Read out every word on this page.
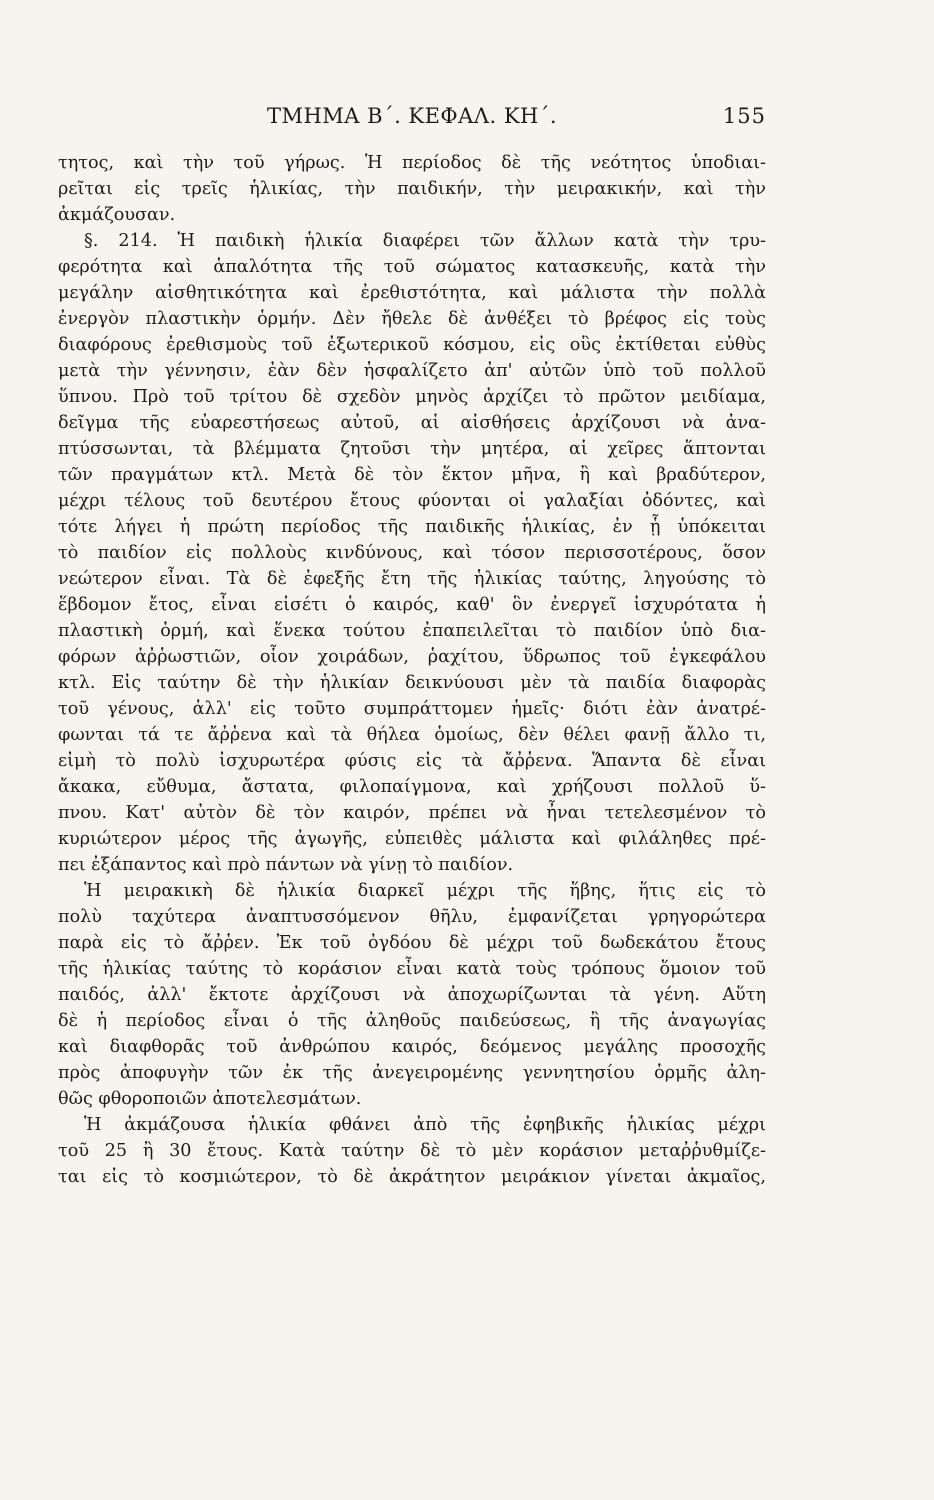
ΤΜΗΜΑ Β΄. ΚΕΦΑΛ. ΚΗ΄.	155
τητος, καὶ τὴν τοῦ γήρως. Ἡ περίοδος δὲ τῆς νεότητος ὑποδιαι-
ρεῖται εἰς τρεῖς ἡλικίας, τὴν παιδικήν, τὴν μειρακικήν, καὶ τὴν
ἀκμάζουσαν.
§. 214. Ἡ παιδικὴ ἡλικία διαφέρει τῶν ἄλλων κατὰ τὴν τρυ-
φερότητα καὶ ἁπαλότητα τῆς τοῦ σώματος κατασκευῆς, κατὰ τὴν
μεγάλην αἰσθητικότητα καὶ ἐρεθιστότητα, καὶ μάλιστα τὴν πολλὰ
ἐνεργὸν πλαστικὴν ὁρμήν. Δὲν ἤθελε δὲ ἀνθέξει τὸ βρέφος εἰς τοὺς
διαφόρους ἐρεθισμοὺς τοῦ ἐξωτερικοῦ κόσμου, εἰς οὓς ἐκτίθεται εὐθὺς
μετὰ τὴν γέννησιν, ἐὰν δὲν ἠσφαλίζετο ἀπ' αὐτῶν ὑπὸ τοῦ πολλοῦ
ὕπνου. Πρὸ τοῦ τρίτου δὲ σχεδὸν μηνὸς ἀρχίζει τὸ πρῶτον μειδίαμα,
δεῖγμα τῆς εὐαρεστήσεως αὐτοῦ, αἱ αἰσθήσεις ἀρχίζουσι νὰ ἀνα-
πτύσσωνται, τὰ βλέμματα ζητοῦσι τὴν μητέρα, αἱ χεῖρες ἅπτονται
τῶν πραγμάτων κτλ. Μετὰ δὲ τὸν ἕκτον μῆνα, ἢ καὶ βραδύτερον,
μέχρι τέλους τοῦ δευτέρου ἔτους φύονται οἱ γαλαξίαι ὀδόντες, καὶ
τότε λήγει ἡ πρώτη περίοδος τῆς παιδικῆς ἡλικίας, ἐν ᾗ ὑπόκειται
τὸ παιδίον εἰς πολλοὺς κινδύνους, καὶ τόσον περισσοτέρους, ὅσον
νεώτερον εἶναι. Τὰ δὲ ἐφεξῆς ἔτη τῆς ἡλικίας ταύτης, ληγούσης τὸ
ἕβδομον ἔτος, εἶναι εἰσέτι ὁ καιρός, καθ' ὃν ἐνεργεῖ ἰσχυρότατα ἡ
πλαστικὴ ὁρμή, καὶ ἕνεκα τούτου ἐπαπειλεῖται τὸ παιδίον ὑπὸ δια-
φόρων ἀῤῥωστιῶν, οἷον χοιράδων, ῥαχίτου, ὕδρωπος τοῦ ἐγκεφάλου
κτλ. Εἰς ταύτην δὲ τὴν ἡλικίαν δεικνύουσι μὲν τὰ παιδία διαφορὰς
τοῦ γένους, ἀλλ' εἰς τοῦτο συμπράττομεν ἡμεῖς· διότι ἐὰν ἀνατρέ-
φωνται τά τε ἄῤῥενα καὶ τὰ θήλεα ὁμοίως, δὲν θέλει φανῇ ἄλλο τι,
εἰμὴ τὸ πολὺ ἰσχυρωτέρα φύσις εἰς τὰ ἄῤῥενα. Ἅπαντα δὲ εἶναι
ἄκακα, εὔθυμα, ἄστατα, φιλοπαίγμονα, καὶ χρήζουσι πολλοῦ ὕ-
πνου. Κατ' αὐτὸν δὲ τὸν καιρόν, πρέπει νὰ ἦναι τετελεσμένον τὸ
κυριώτερον μέρος τῆς ἀγωγῆς, εὐπειθὲς μάλιστα καὶ φιλάληθες πρέ-
πει ἐξάπαντος καὶ πρὸ πάντων νὰ γίνῃ τὸ παιδίον.
Ἡ μειρακικὴ δὲ ἡλικία διαρκεῖ μέχρι τῆς ἥβης, ἥτις εἰς τὸ
πολὺ ταχύτερα ἀναπτυσσόμενον θῆλυ, ἐμφανίζεται γρηγορώτερα
παρὰ εἰς τὸ ἄῤῥεν. Ἐκ τοῦ ὀγδόου δὲ μέχρι τοῦ δωδεκάτου ἔτους
τῆς ἡλικίας ταύτης τὸ κοράσιον εἶναι κατὰ τοὺς τρόπους ὅμοιον τοῦ
παιδός, ἀλλ' ἔκτοτε ἀρχίζουσι νὰ ἀποχωρίζωνται τὰ γένη. Αὕτη
δὲ ἡ περίοδος εἶναι ὁ τῆς ἀληθοῦς παιδεύσεως, ἢ τῆς ἀναγωγίας
καὶ διαφθορᾶς τοῦ ἀνθρώπου καιρός, δεόμενος μεγάλης προσοχῆς
πρὸς ἀποφυγὴν τῶν ἐκ τῆς ἀνεγειρομένης γεννητησίου ὁρμῆς ἀλη-
θῶς φθοροποιῶν ἀποτελεσμάτων.
Ἡ ἀκμάζουσα ἡλικία φθάνει ἀπὸ τῆς ἐφηβικῆς ἡλικίας μέχρι
τοῦ 25 ἢ 30 ἔτους. Κατὰ ταύτην δὲ τὸ μὲν κοράσιον μεταῤῥυθμίζε-
ται εἰς τὸ κοσμιώτερον, τὸ δὲ ἀκράτητον μειράκιον γίνεται ἀκμαῖος,
